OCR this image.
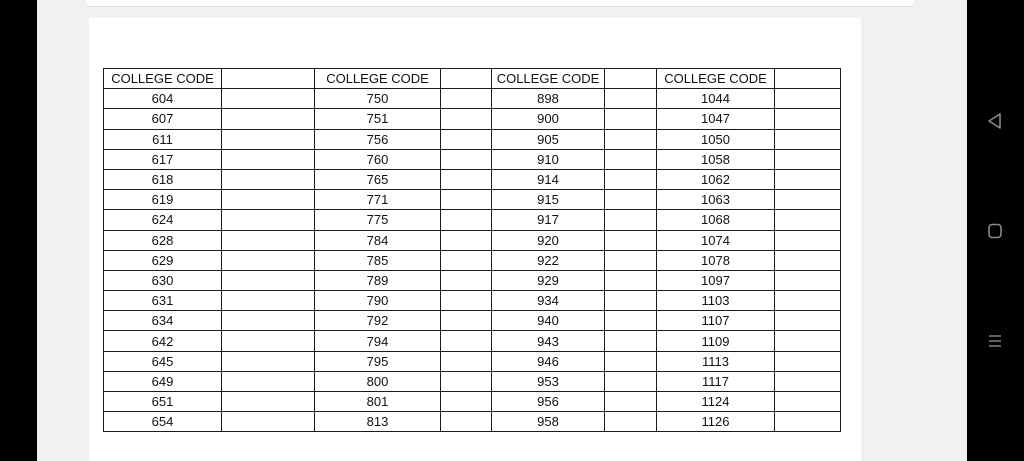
COLLEGE CODE		COLLEGE CODE		COLLEGE CODE		COLLEGE CODE	
604		750		898		1044	
607		751		900		1047	
611		756		905		1050	
617		760		910		1058	
618		765		914		1062	
619		771		915		1063	
624		775		917		1068	
628		784		920		1074	
629		785		922		1078	
630		789		929		1097	
631		790		934		1103	
634		792		940		1107	
642		794		943		1109	
645		795		946		1113	
649		800		953		1117	
651		801		956		1124	
654		813		958		1126	
